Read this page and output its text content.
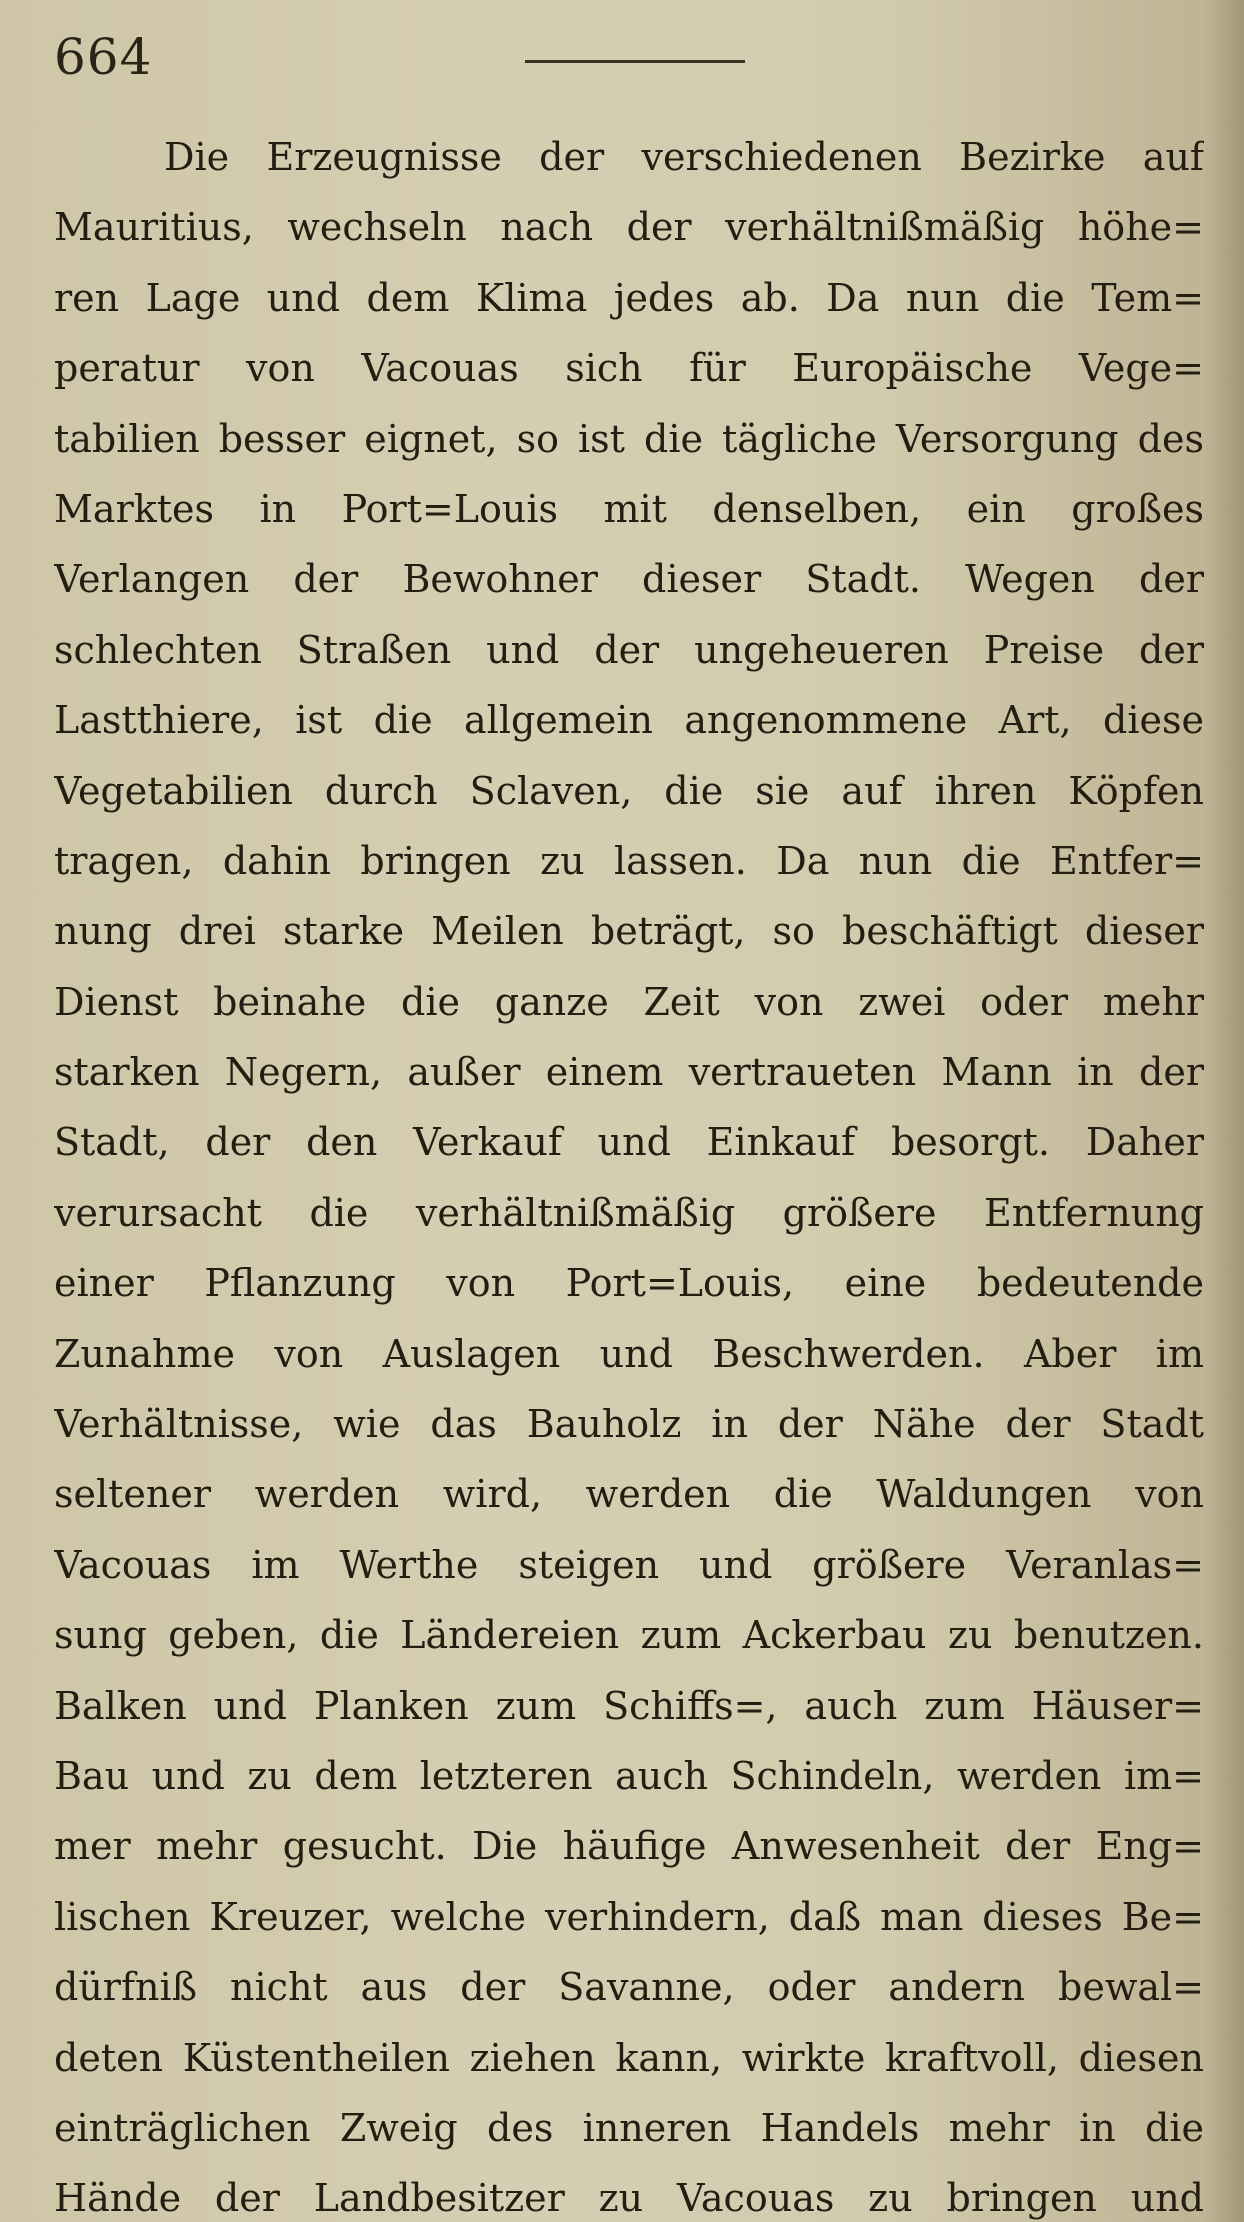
664
Die Erzeugnisse der verschiedenen Bezirke auf
Mauritius, wechseln nach der verhältnißmäßig höhe=
ren Lage und dem Klima jedes ab. Da nun die Tem=
peratur von Vacouas sich für Europäische Vege=
tabilien besser eignet, so ist die tägliche Versorgung des
Marktes in Port=Louis mit denselben, ein großes
Verlangen der Bewohner dieser Stadt. Wegen der
schlechten Straßen und der ungeheueren Preise der
Lastthiere, ist die allgemein angenommene Art, diese
Vegetabilien durch Sclaven, die sie auf ihren Köpfen
tragen, dahin bringen zu lassen. Da nun die Entfer=
nung drei starke Meilen beträgt, so beschäftigt dieser
Dienst beinahe die ganze Zeit von zwei oder mehr
starken Negern, außer einem vertraueten Mann in der
Stadt, der den Verkauf und Einkauf besorgt. Daher
verursacht die verhältnißmäßig größere Entfernung
einer Pflanzung von Port=Louis, eine bedeutende
Zunahme von Auslagen und Beschwerden. Aber im
Verhältnisse, wie das Bauholz in der Nähe der Stadt
seltener werden wird, werden die Waldungen von
Vacouas im Werthe steigen und größere Veranlas=
sung geben, die Ländereien zum Ackerbau zu benutzen.
Balken und Planken zum Schiffs=, auch zum Häuser=
Bau und zu dem letzteren auch Schindeln, werden im=
mer mehr gesucht. Die häufige Anwesenheit der Eng=
lischen Kreuzer, welche verhindern, daß man dieses Be=
dürfniß nicht aus der Savanne, oder andern bewal=
deten Küstentheilen ziehen kann, wirkte kraftvoll, diesen
einträglichen Zweig des inneren Handels mehr in die
Hände der Landbesitzer zu Vacouas zu bringen und
